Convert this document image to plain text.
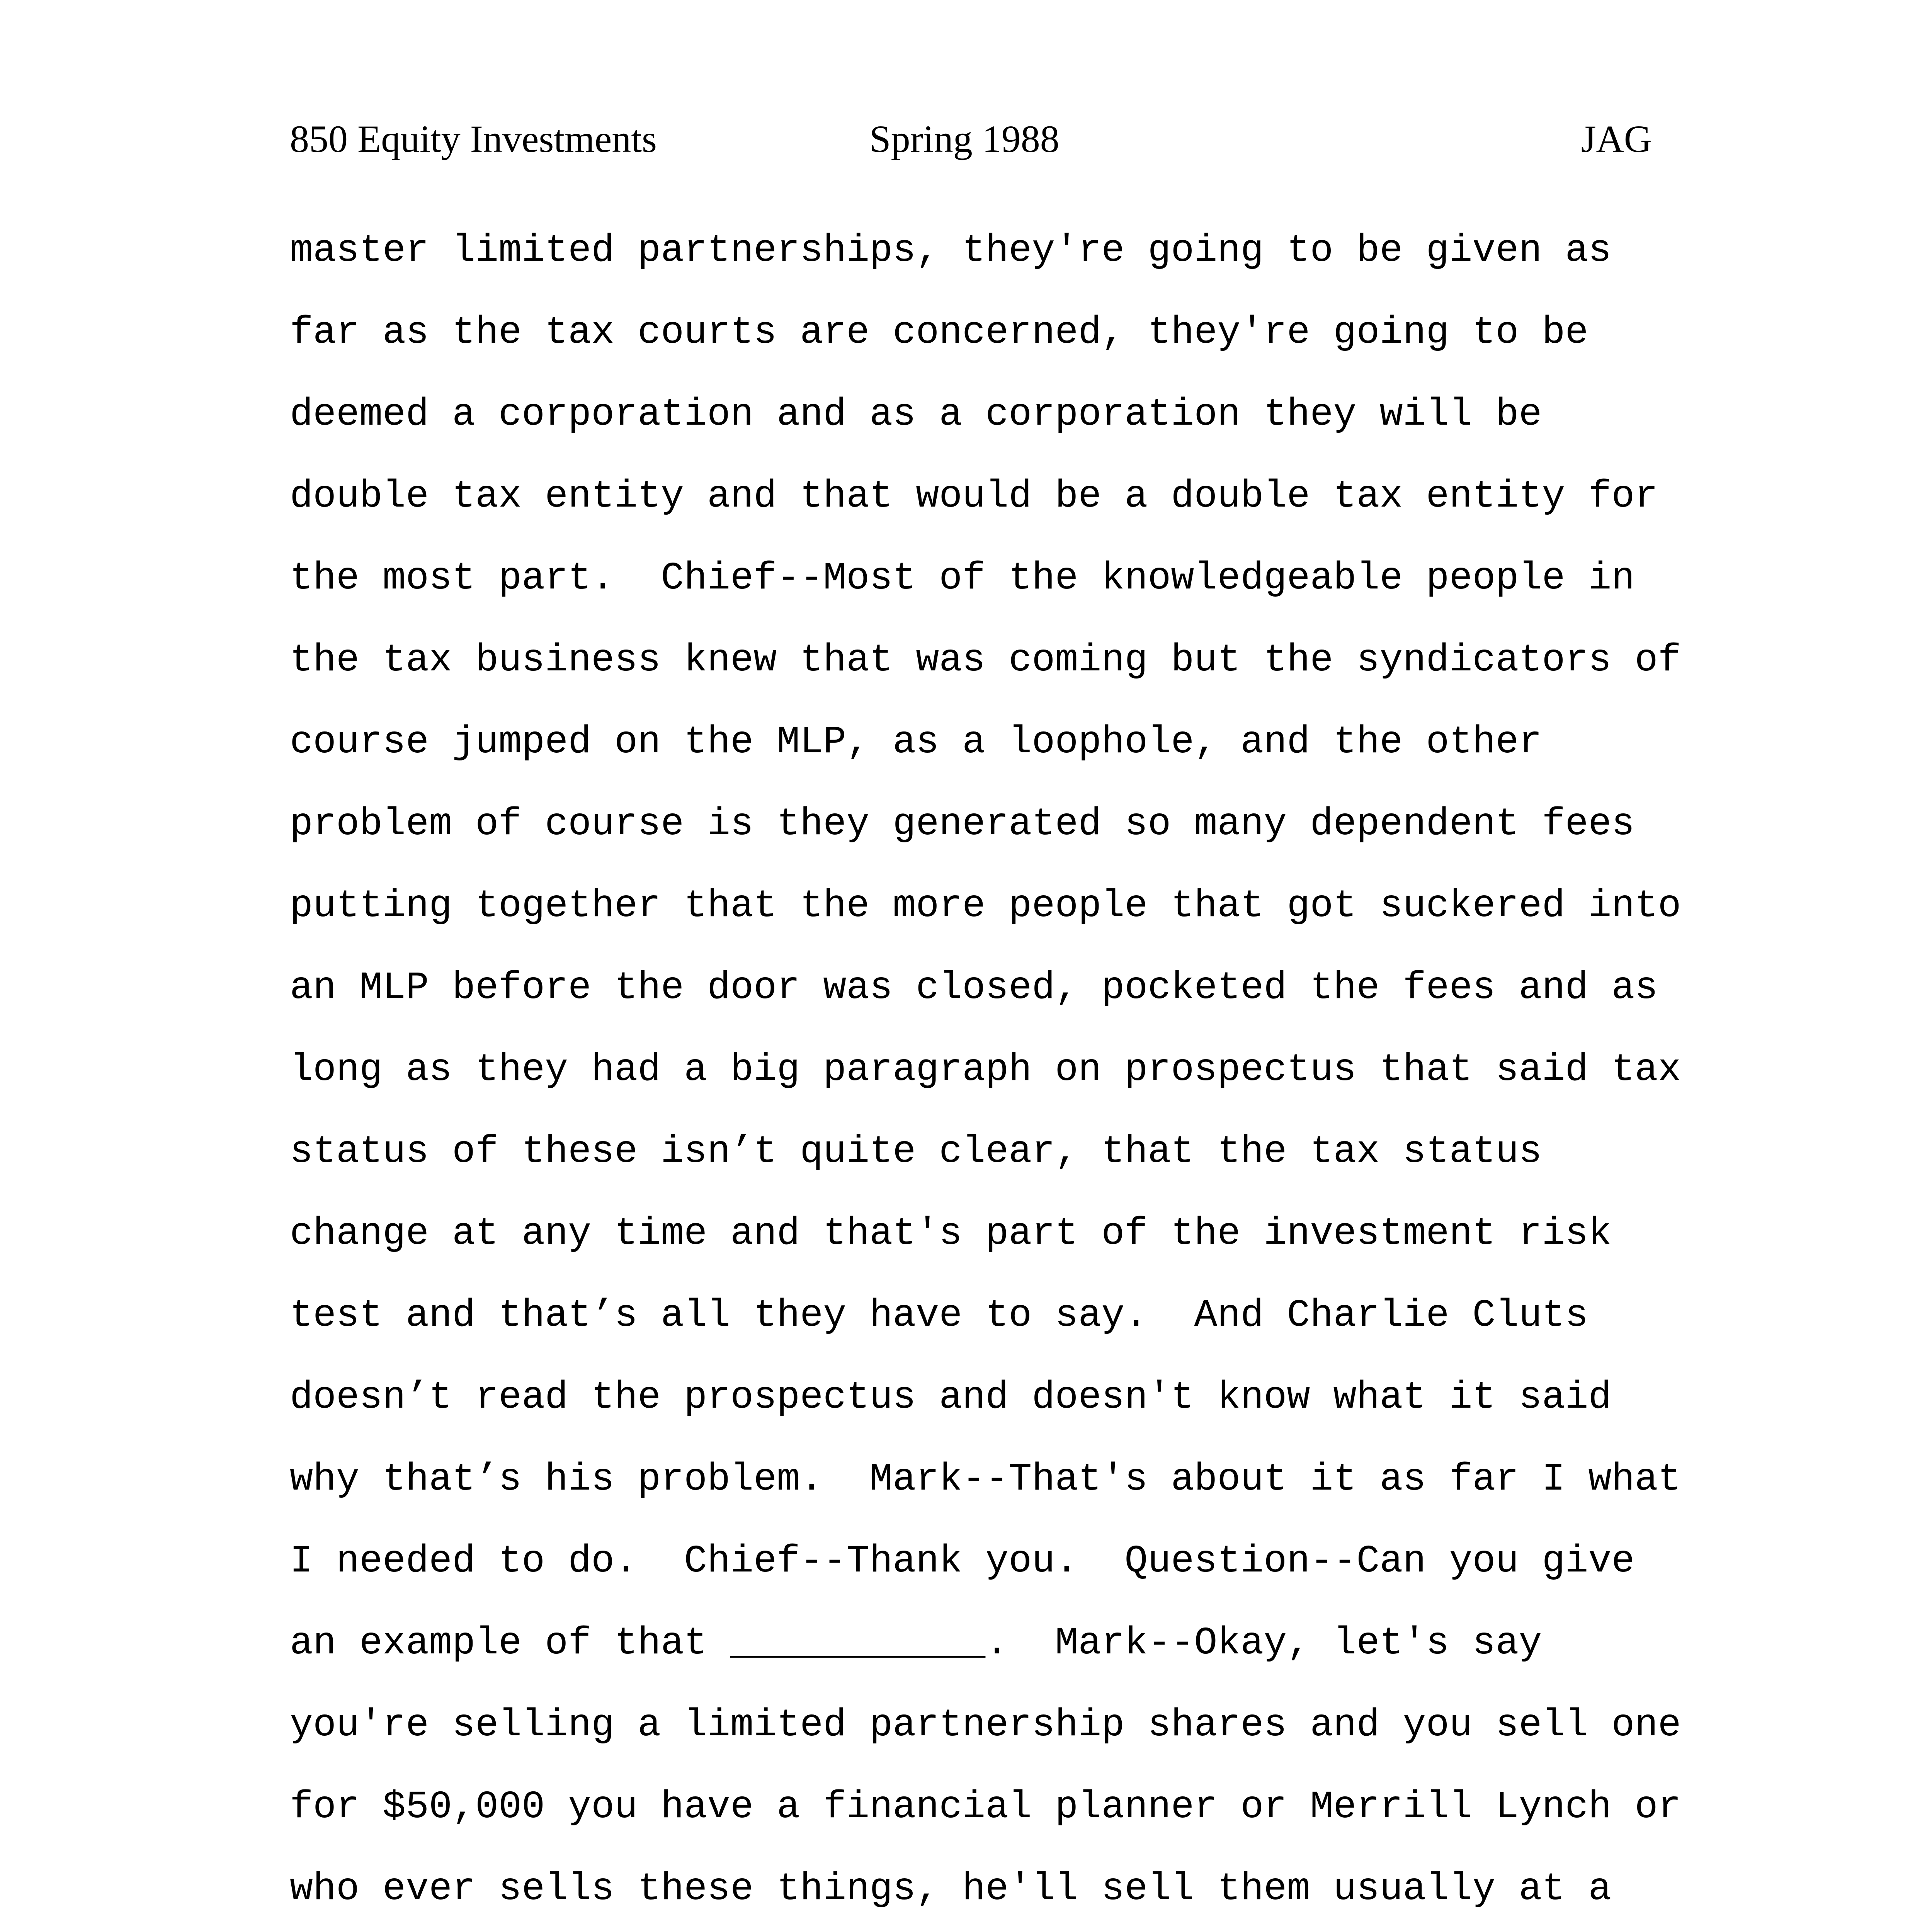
850 Equity Investments	Spring 1988	JAG
master limited partnerships, they're going to be given as
far as the tax courts are concerned, they're going to be
deemed a corporation and as a corporation they will be
double tax entity and that would be a double tax entity for
the most part.  Chief--Most of the knowledgeable people in
the tax business knew that was coming but the syndicators of
course jumped on the MLP, as a loophole, and the other
problem of course is they generated so many dependent fees
putting together that the more people that got suckered into
an MLP before the door was closed, pocketed the fees and as
long as they had a big paragraph on prospectus that said tax
status of these isn’t quite clear, that the tax status
change at any time and that's part of the investment risk
test and that’s all they have to say.  And Charlie Cluts
doesn’t read the prospectus and doesn't know what it said
why that’s his problem.  Mark--That's about it as far I what
I needed to do.  Chief--Thank you.  Question--Can you give
an example of that ___________.  Mark--Okay, let's say
you're selling a limited partnership shares and you sell one
for $50,000 you have a financial planner or Merrill Lynch or
who ever sells these things, he'll sell them usually at a
